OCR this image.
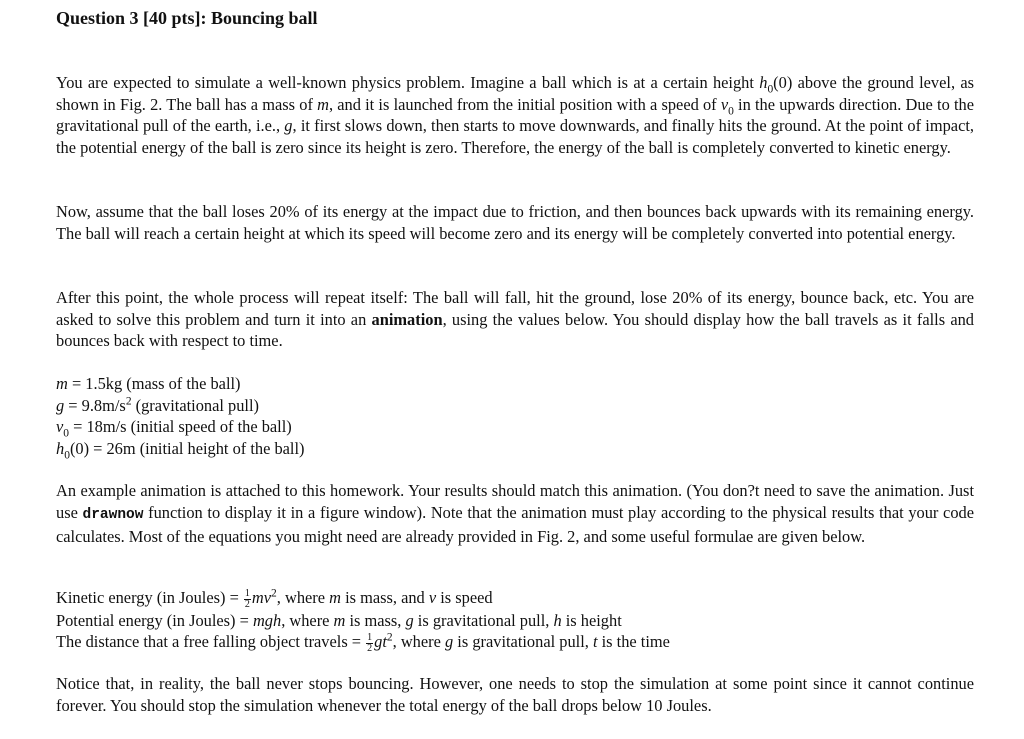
Question 3 [40 pts]: Bouncing ball

You are expected to simulate a well-known physics problem. Imagine a ball which is at a certain height $h_0(0)$ above the ground level, as shown in Fig. 2. The ball has a mass of m, and it is launched from the initial position with a speed of $v_0$ in the upwards direction. Due to the gravitational pull of the earth, i.e., g, it first slows down, then starts to move downwards, and finally hits the ground. At the point of impact, the potential energy of the ball is zero since its height is zero. Therefore, the energy of the ball is completely converted to kinetic energy.

Now, assume that the ball loses 20% of its energy at the impact due to friction, and then bounces back upwards with its remaining energy. The ball will reach a certain height at which its speed will become zero and its energy will be completely converted into potential energy.

After this point, the whole process will repeat itself: The ball will fall, hit the ground, lose 20% of its energy, bounce back, etc. You are asked to solve this problem and turn it into an animation, using the values below. You should display how the ball travels as it falls and bounces back with respect to time.

m = 1.5kg (mass of the ball)
$g = 9.8m/s^2$ (gravitational pull)
$v_0 = 18m/s$ (initial speed of the ball)
$h_0(0) = 26m$ (initial height of the ball)

An example animation is attached to this homework. Your results should match this animation. (You don?t need to save the animation. Just use drawnow function to display it in a figure window). Note that the animation must play according to the physical results that your code calculates. Most of the equations you might need are already provided in Fig. 2, and some useful formulae are given below.

Kinetic energy (in Joules) = $\frac{1}{2} mv^2$, where m is mass, and v is speed
Potential energy (in Joules) = mgh, where m is mass, g is gravitational pull, h is height
The distance that a free falling object travels = $\frac{1}{2} gt^2$, where g is gravitational pull, t is the time

Notice that, in reality, the ball never stops bouncing. However, one needs to stop the simulation at some point since it cannot continue forever. You should stop the simulation whenever the total energy of the ball drops below 10 Joules.
